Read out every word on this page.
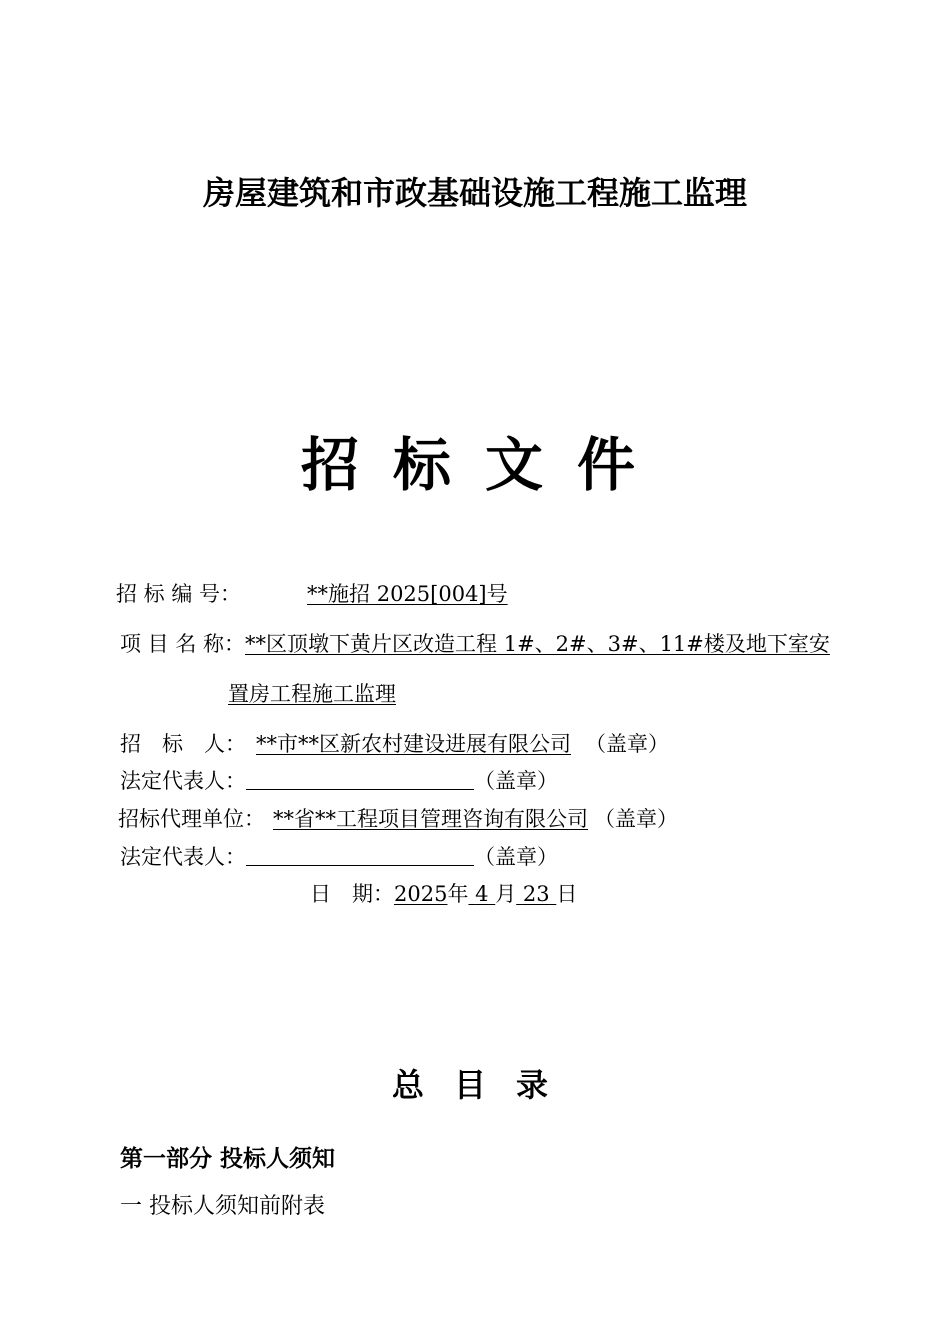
房屋建筑和市政基础设施工程施工监理
招标文件
招 标 编 号：	**施招 2025[004]号
项 目 名 称：**区顶墩下黄片区改造工程 1#、2#、3#、11#楼及地下室安
置房工程施工监理
招　标　人： **市**区新农村建设进展有限公司 （盖章）
法定代表人：	（盖章）
招标代理单位： **省**工程项目管理咨询有限公司 （盖章）
法定代表人：	（盖章）
日　期：2025年 4 月 23 日
总目录
第一部分 投标人须知
一 投标人须知前附表
